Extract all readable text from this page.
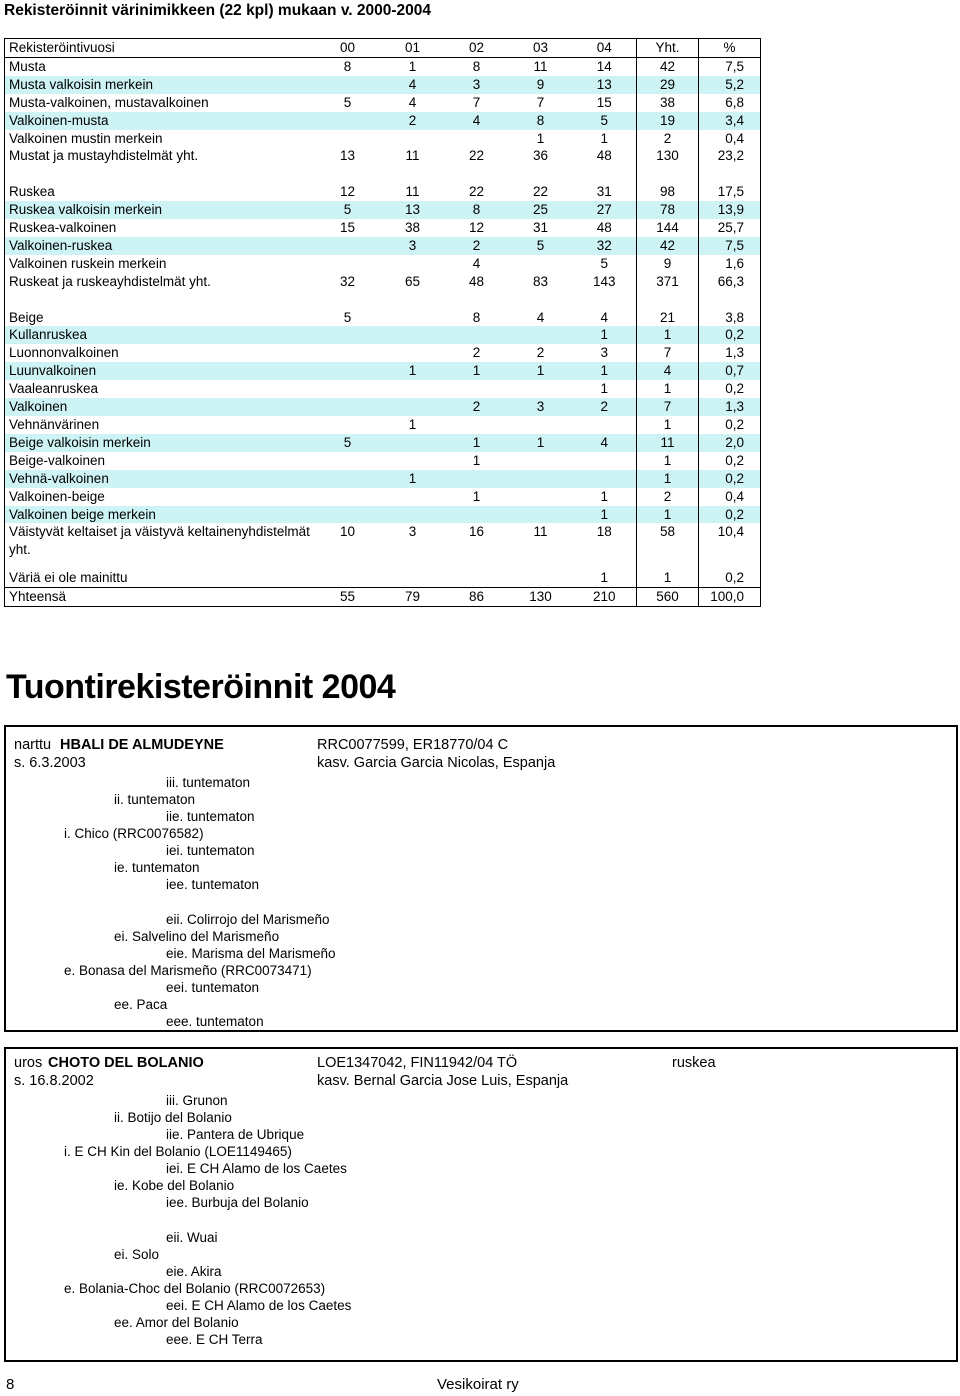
Rekisteröinnit värinimikkeen (22 kpl) mukaan v. 2000-2004
Rekisteröintivuosi	00	01	02	03	04	Yht.	%
Musta	8	1	8	11	14	42	7,5
Musta valkoisin merkein		4	3	9	13	29	5,2
Musta-valkoinen, mustavalkoinen	5	4	7	7	15	38	6,8
Valkoinen-musta		2	4	8	5	19	3,4
Valkoinen mustin merkein				1	1	2	0,4
Mustat ja mustayhdistelmät yht.	13	11	22	36	48	130	23,2

Ruskea	12	11	22	22	31	98	17,5
Ruskea valkoisin merkein	5	13	8	25	27	78	13,9
Ruskea-valkoinen	15	38	12	31	48	144	25,7
Valkoinen-ruskea		3	2	5	32	42	7,5
Valkoinen ruskein merkein			4		5	9	1,6
Ruskeat ja ruskeayhdistelmät yht.	32	65	48	83	143	371	66,3

Beige	5		8	4	4	21	3,8
Kullanruskea					1	1	0,2
Luonnonvalkoinen			2	2	3	7	1,3
Luunvalkoinen		1	1	1	1	4	0,7
Vaaleanruskea					1	1	0,2
Valkoinen			2	3	2	7	1,3
Vehnänvärinen		1				1	0,2
Beige valkoisin merkein	5		1	1	4	11	2,0
Beige-valkoinen			1			1	0,2
Vehnä-valkoinen		1				1	0,2
Valkoinen-beige			1		1	2	0,4
Valkoinen beige merkein					1	1	0,2
Väistyvät keltaiset ja väistyvä keltainenyhdistelmät yht.	10	3	16	11	18	58	10,4

Väriä ei ole mainittu					1	1	0,2
Yhteensä	55	79	86	130	210	560	100,0
Tuontirekisteröinnit 2004
narttu HBALI DE ALMUDEYNE	RRC0077599, ER18770/04 C
s. 6.3.2003	kasv. Garcia Garcia Nicolas, Espanja
iii. tuntematon
ii. tuntematon
iie. tuntematon
i. Chico (RRC0076582)
iei. tuntematon
ie. tuntematon
iee. tuntematon
eii. Colirrojo del Marismeño
ei. Salvelino del Marismeño
eie. Marisma del Marismeño
e. Bonasa del Marismeño (RRC0073471)
eei. tuntematon
ee. Paca
eee. tuntematon
uros CHOTO DEL BOLANIO	LOE1347042, FIN11942/04 TÖ	ruskea
s. 16.8.2002	kasv. Bernal Garcia Jose Luis, Espanja
iii. Grunon
ii. Botijo del Bolanio
iie. Pantera de Ubrique
i. E CH Kin del Bolanio (LOE1149465)
iei. E CH Alamo de los Caetes
ie. Kobe del Bolanio
iee. Burbuja del Bolanio
eii. Wuai
ei. Solo
eie. Akira
e. Bolania-Choc del Bolanio (RRC0072653)
eei. E CH Alamo de los Caetes
ee. Amor del Bolanio
eee. E CH Terra
8	Vesikoirat ry
